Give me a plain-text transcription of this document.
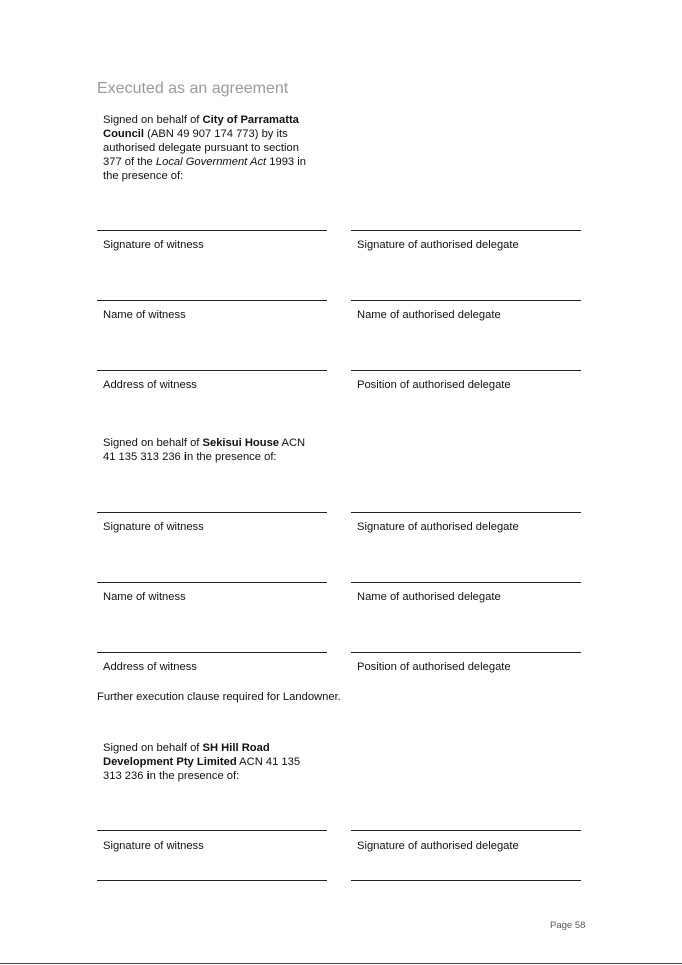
Executed as an agreement
Signed on behalf of City of Parramatta
Council (ABN 49 907 174 773) by its
authorised delegate pursuant to section
377 of the Local Government Act 1993 in
the presence of:
Signature of witness	Signature of authorised delegate
Name of witness	Name of authorised delegate
Address of witness	Position of authorised delegate
Signed on behalf of Sekisui House ACN
41 135 313 236 in the presence of:
Signature of witness	Signature of authorised delegate
Name of witness	Name of authorised delegate
Address of witness	Position of authorised delegate
Further execution clause required for Landowner.
Signed on behalf of SH Hill Road
Development Pty Limited ACN 41 135
313 236 in the presence of:
Signature of witness	Signature of authorised delegate
Page 58
